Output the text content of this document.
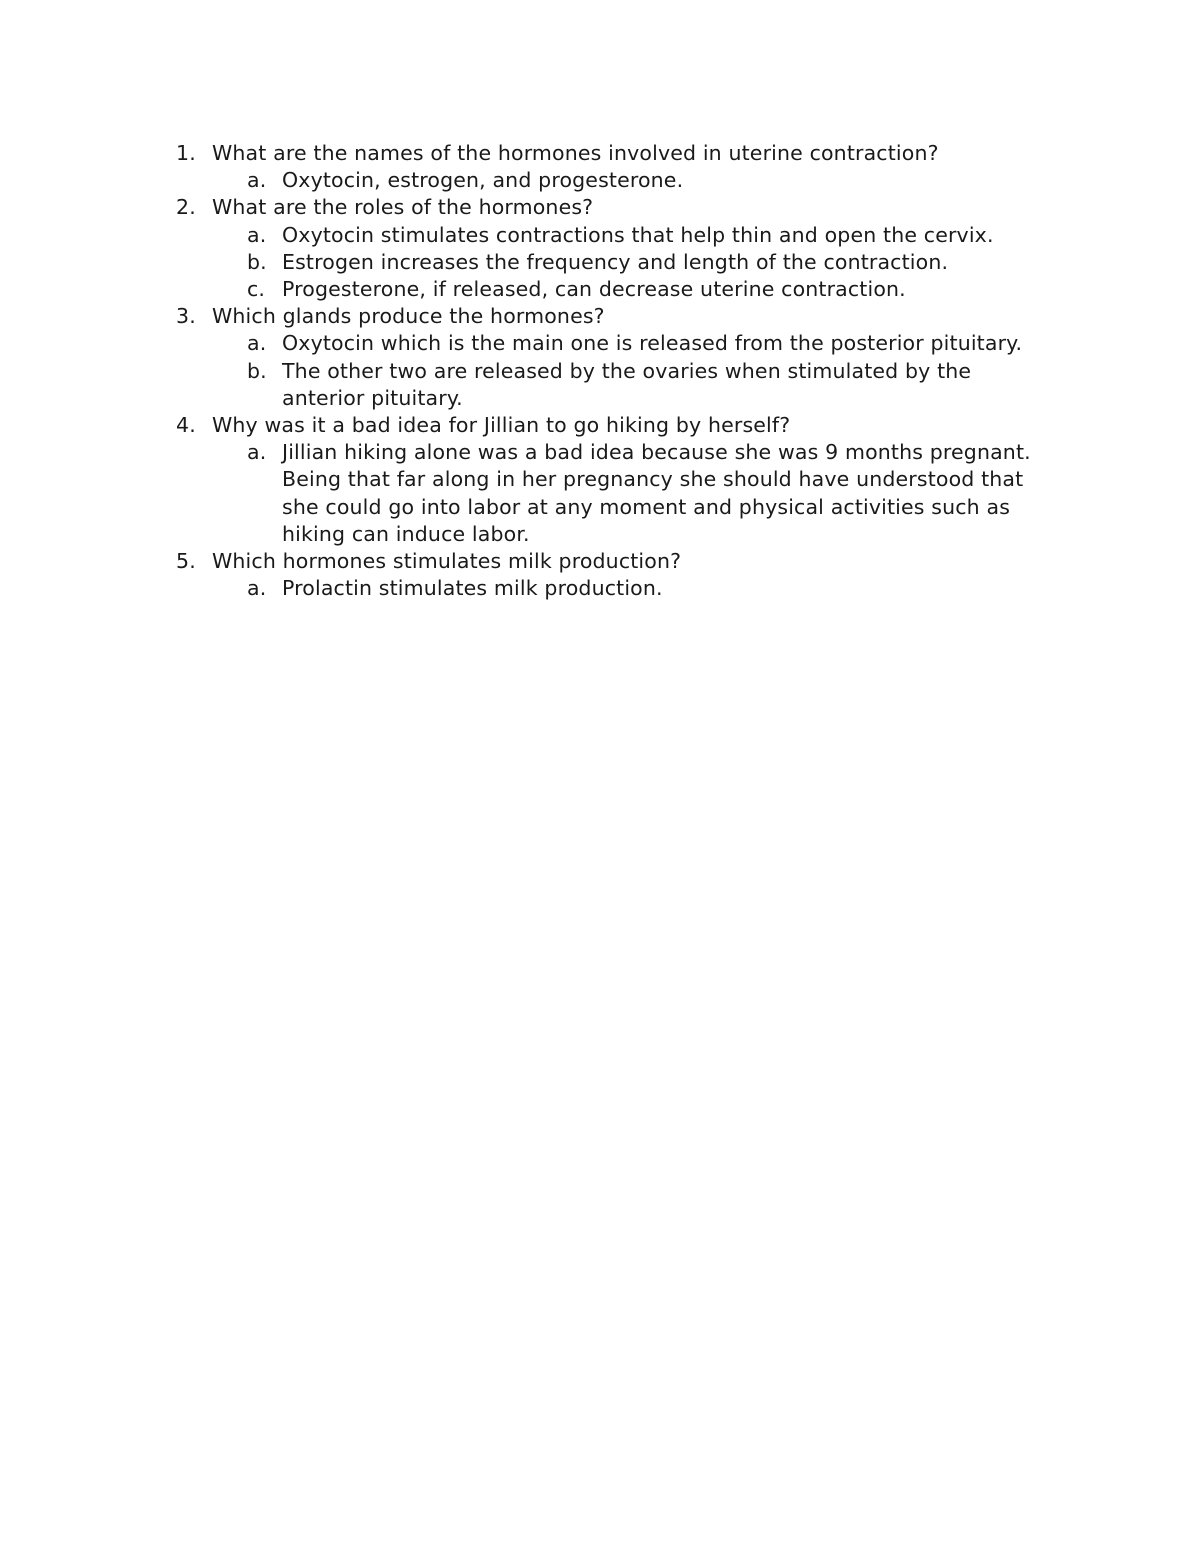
1. What are the names of the hormones involved in uterine contraction?
a. Oxytocin, estrogen, and progesterone.
2. What are the roles of the hormones?
a. Oxytocin stimulates contractions that help thin and open the cervix.
b. Estrogen increases the frequency and length of the contraction.
c. Progesterone, if released, can decrease uterine contraction.
3. Which glands produce the hormones?
a. Oxytocin which is the main one is released from the posterior pituitary.
b. The other two are released by the ovaries when stimulated by the anterior pituitary.
4. Why was it a bad idea for Jillian to go hiking by herself?
a. Jillian hiking alone was a bad idea because she was 9 months pregnant. Being that far along in her pregnancy she should have understood that she could go into labor at any moment and physical activities such as hiking can induce labor.
5. Which hormones stimulates milk production?
a. Prolactin stimulates milk production.
